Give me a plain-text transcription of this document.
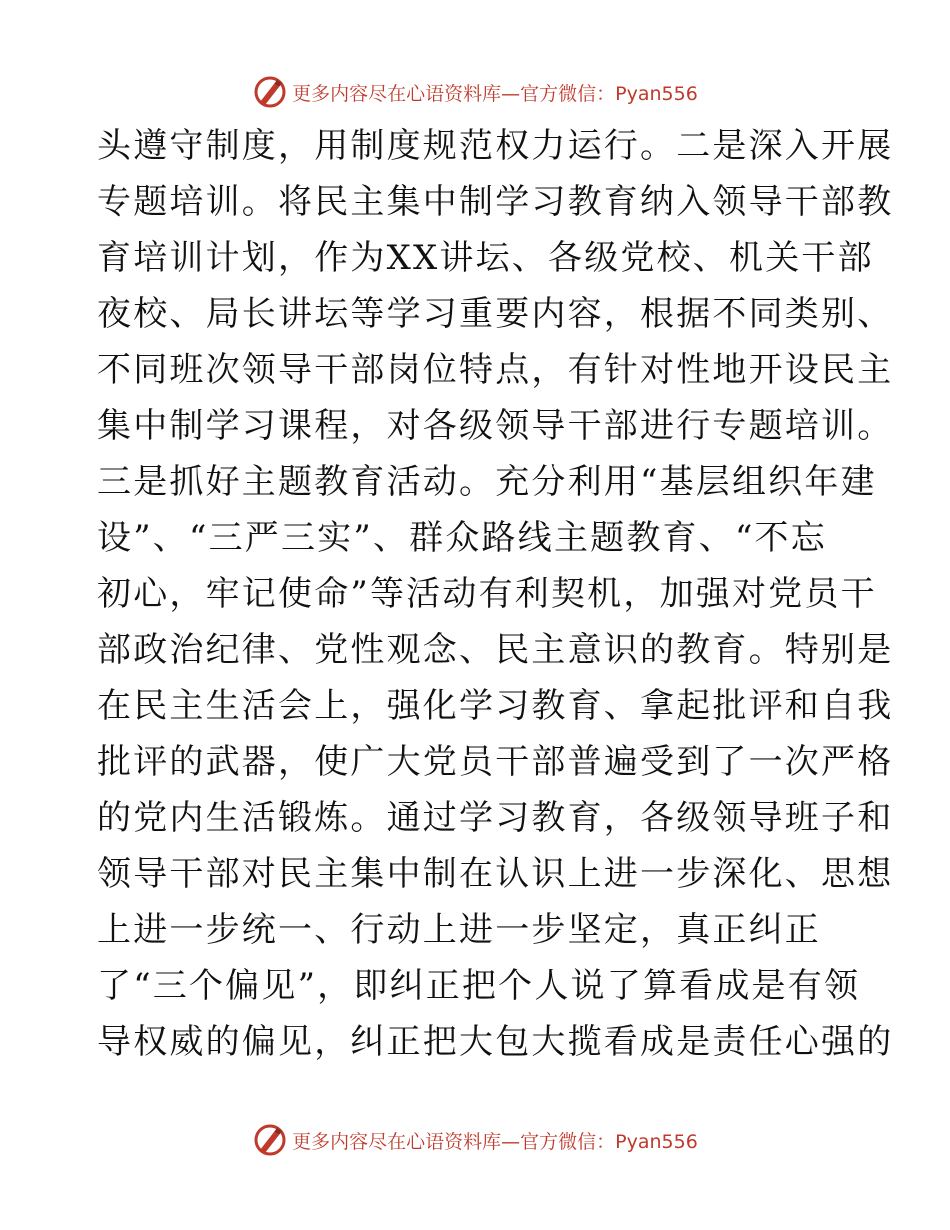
更多内容尽在心语资料库 —官方微信：Pyan556
头遵守制度，用制度规范权力运行。二是深入开展
专题培训。将民主集中制学习教育纳入领导干部教
育培训计划，作为XX讲坛、各级党校、机关干部
夜校、局长讲坛等学习重要内容，根据不同类别、
不同班次领导干部岗位特点，有针对性地开设民主
集中制学习课程，对各级领导干部进行专题培训。
三是抓好主题教育活动。充分利用“基层组织年建
设”、“三严三实”、群众路线主题教育、“不忘
初心，牢记使命”等活动有利契机，加强对党员干
部政治纪律、党性观念、民主意识的教育。特别是
在民主生活会上，强化学习教育、拿起批评和自我
批评的武器，使广大党员干部普遍受到了一次严格
的党内生活锻炼。通过学习教育，各级领导班子和
领导干部对民主集中制在认识上进一步深化、思想
上进一步统一、行动上进一步坚定，真正纠正
了“三个偏见”，即纠正把个人说了算看成是有领
导权威的偏见，纠正把大包大揽看成是责任心强的
更多内容尽在心语资料库 —官方微信：Pyan556
